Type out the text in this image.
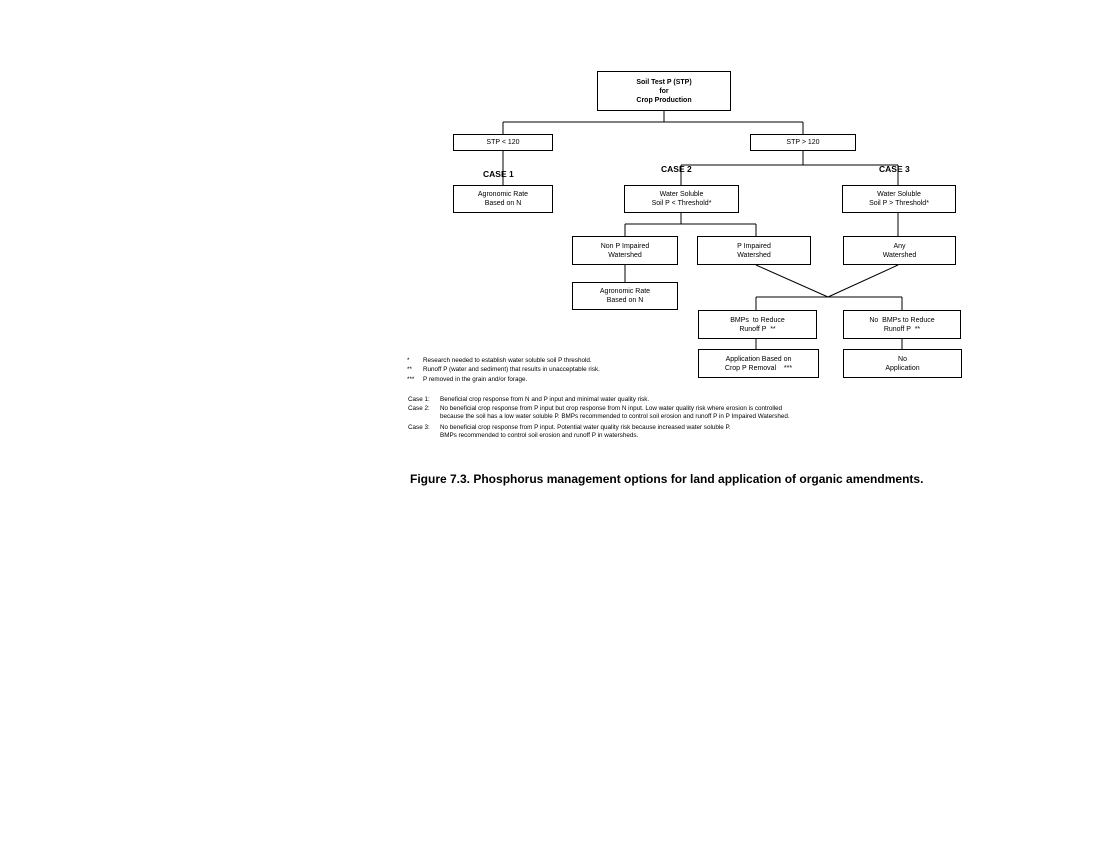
Soil Test P (STP)
for
Crop Production
STP < 120	STP > 120
CASE 1	CASE 2	CASE 3
Agronomic Rate
Based on N
Water Soluble
Soil P < Threshold*
Water Soluble
Soil P > Threshold*
Non P Impaired
Watershed
P Impaired
Watershed
Any
Watershed
Agronomic Rate
Based on N
BMPs  to Reduce
Runoff P  **
No  BMPs to Reduce
Runoff P  **
Application Based on
Crop P Removal    ***
No
Application
* Research needed to establish water soluble soil P threshold.
** Runoff P (water and sediment) that results in unacceptable risk.
*** P removed in the grain and/or forage.
Case 1: Beneficial crop response from N and P input and minimal water quality risk.
Case 2: No beneficial crop response from P input but crop response from N input. Low water quality risk where erosion is controlled
because the soil has a low water soluble P. BMPs recommended to control soil erosion and runoff P in P Impaired Watershed.
Case 3: No beneficial crop response from P input. Potential water quality risk because increased water soluble P.
BMPs recommended to control soil erosion and runoff P in watersheds.
Figure 7.3. Phosphorus management options for land application of organic amendments.
